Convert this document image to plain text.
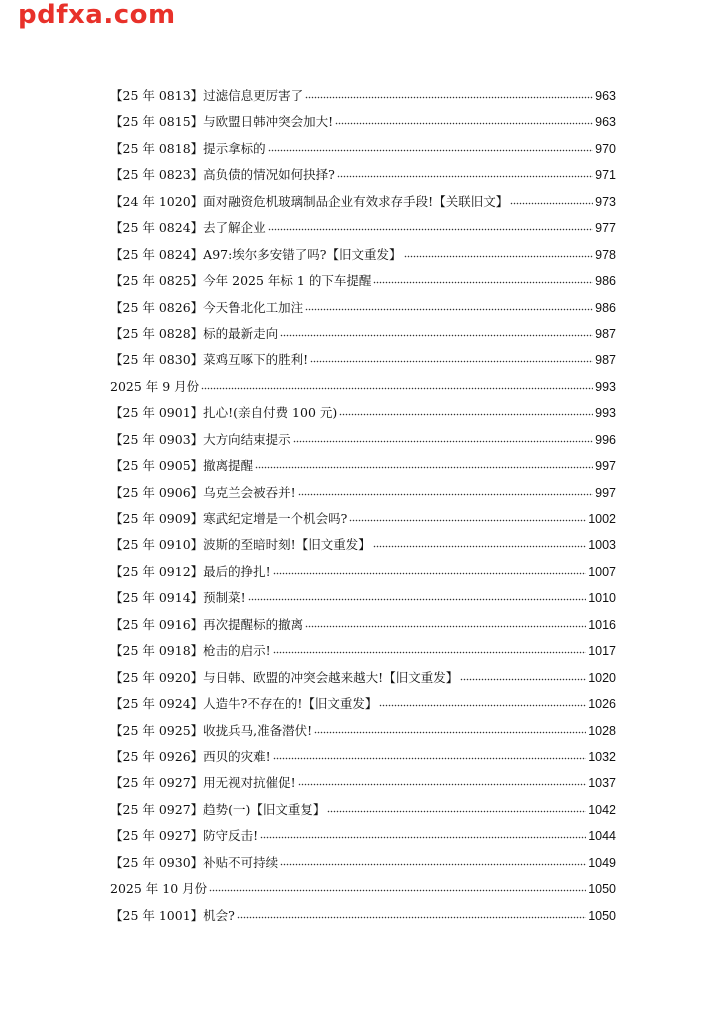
pdfxa.com
【25 年 0813】过滤信息更厉害了	963
【25 年 0815】与欧盟日韩冲突会加大!	963
【25 年 0818】提示拿标的	970
【25 年 0823】高负债的情况如何抉择?	971
【24 年 1020】面对融资危机玻璃制品企业有效求存手段!【关联旧文】	973
【25 年 0824】去了解企业	977
【25 年 0824】A97:埃尔多安错了吗?【旧文重发】	978
【25 年 0825】今年 2025 年标 1 的下车提醒	986
【25 年 0826】今天鲁北化工加注	986
【25 年 0828】标的最新走向	987
【25 年 0830】菜鸡互啄下的胜利!	987
2025 年 9 月份	993
【25 年 0901】扎心!(亲自付费 100 元)	993
【25 年 0903】大方向结束提示	996
【25 年 0905】撤离提醒	997
【25 年 0906】乌克兰会被吞并!	997
【25 年 0909】寒武纪定增是一个机会吗?	1002
【25 年 0910】波斯的至暗时刻!【旧文重发】	1003
【25 年 0912】最后的挣扎!	1007
【25 年 0914】预制菜!	1010
【25 年 0916】再次提醒标的撤离	1016
【25 年 0918】枪击的启示!	1017
【25 年 0920】与日韩、欧盟的冲突会越来越大!【旧文重发】	1020
【25 年 0924】人造牛?不存在的!【旧文重发】	1026
【25 年 0925】收拢兵马,准备潜伏!	1028
【25 年 0926】西贝的灾难!	1032
【25 年 0927】用无视对抗催促!	1037
【25 年 0927】趋势(一)【旧文重复】	1042
【25 年 0927】防守反击!	1044
【25 年 0930】补贴不可持续	1049
2025 年 10 月份	1050
【25 年 1001】机会?	1050
